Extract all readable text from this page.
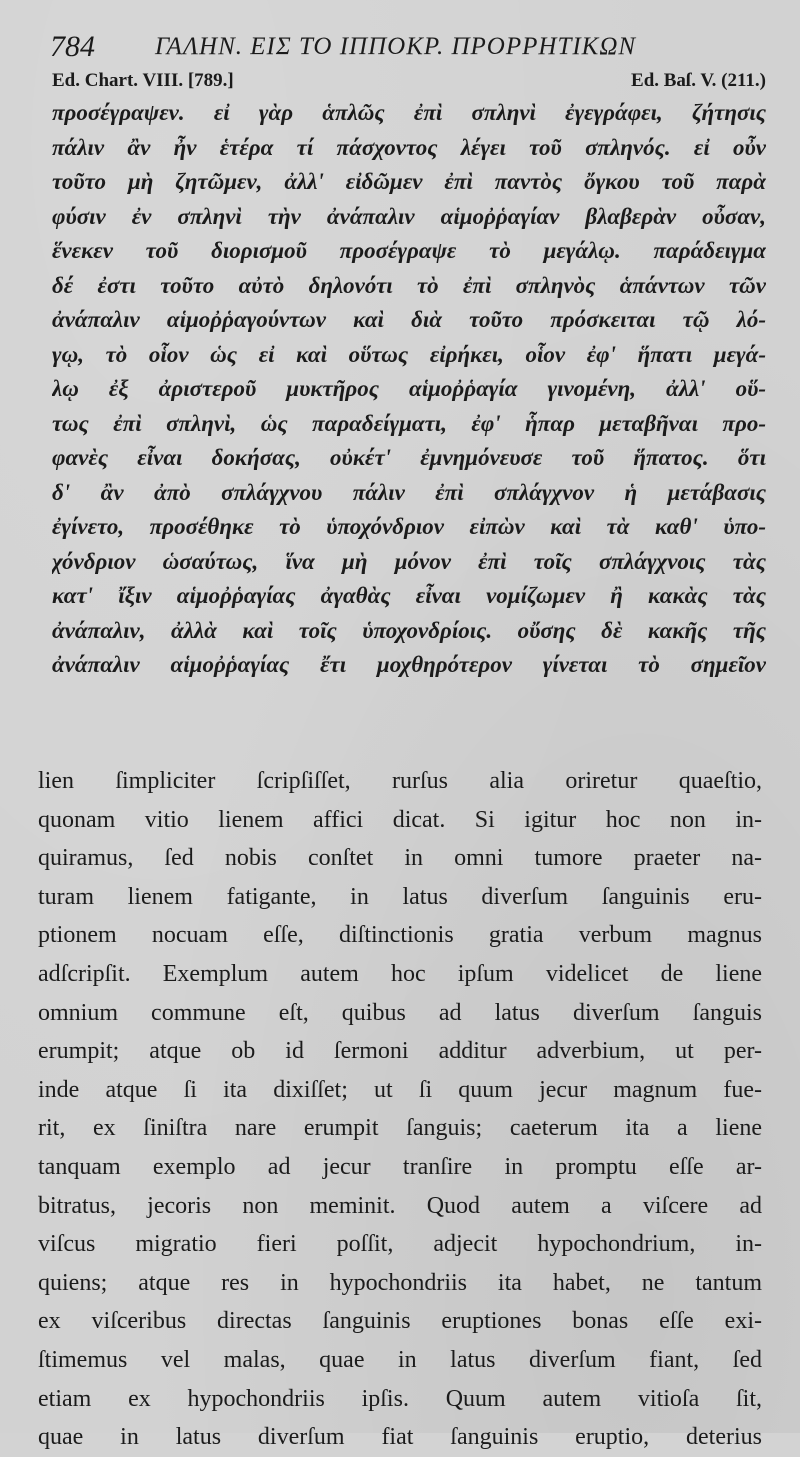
784 ΓΑΛΗΝ. ΕΙΣ ΤΟ ΙΠΠΟΚΡ. ΠΡΟΡΡΗΤΙΚΩΝ
Ed. Chart. VIII. [789.]	Ed. Baſ. V. (211.)
προσέγραψεν. εἰ γὰρ ἁπλῶς ἐπὶ σπληνὶ ἐγεγράφει, ζήτησις
πάλιν ἂν ἦν ἑτέρα τί πάσχοντος λέγει τοῦ σπληνός. εἰ οὖν
τοῦτο μὴ ζητῶμεν, ἀλλ' εἰδῶμεν ἐπὶ παντὸς ὄγκου τοῦ παρὰ
φύσιν ἐν σπληνὶ τὴν ἀνάπαλιν αἱμοῤῥαγίαν βλαβερὰν οὖσαν,
ἕνεκεν τοῦ διορισμοῦ προσέγραψε τὸ μεγάλῳ. παράδειγμα
δέ ἐστι τοῦτο αὐτὸ δηλονότι τὸ ἐπὶ σπληνὸς ἁπάντων τῶν
ἀνάπαλιν αἱμοῤῥαγούντων καὶ διὰ τοῦτο πρόσκειται τῷ λό-
γῳ, τὸ οἷον ὡς εἰ καὶ οὕτως εἰρήκει, οἷον ἐφ' ἥπατι μεγά-
λῳ ἐξ ἀριστεροῦ μυκτῆρος αἱμοῤῥαγία γινομένη, ἀλλ' οὕ-
τως ἐπὶ σπληνὶ, ὡς παραδείγματι, ἐφ' ἧπαρ μεταβῆναι προ-
φανὲς εἶναι δοκήσας, οὐκέτ' ἐμνημόνευσε τοῦ ἥπατος. ὅτι
δ' ἂν ἀπὸ σπλάγχνου πάλιν ἐπὶ σπλάγχνον ἡ μετάβασις
ἐγίνετο, προσέθηκε τὸ ὑποχόνδριον εἰπὼν καὶ τὰ καθ' ὑπο-
χόνδριον ὡσαύτως, ἵνα μὴ μόνον ἐπὶ τοῖς σπλάγχνοις τὰς
κατ' ἴξιν αἱμοῤῥαγίας ἀγαθὰς εἶναι νομίζωμεν ἢ κακὰς τὰς
ἀνάπαλιν, ἀλλὰ καὶ τοῖς ὑποχονδρίοις. οὔσης δὲ κακῆς τῆς
ἀνάπαλιν αἱμοῤῥαγίας ἔτι μοχθηρότερον γίνεται τὸ σημεῖον
lien ſimpliciter ſcripſiſſet, rurſus alia oriretur quaeſtio,
quonam vitio lienem affici dicat. Si igitur hoc non in-
quiramus, ſed nobis conſtet in omni tumore praeter na-
turam lienem fatigante, in latus diverſum ſanguinis eru-
ptionem nocuam eſſe, diſtinctionis gratia verbum magnus
adſcripſit. Exemplum autem hoc ipſum videlicet de liene
omnium commune eſt, quibus ad latus diverſum ſanguis
erumpit; atque ob id ſermoni additur adverbium, ut per-
inde atque ſi ita dixiſſet; ut ſi quum jecur magnum fue-
rit, ex ſiniſtra nare erumpit ſanguis; caeterum ita a liene
tanquam exemplo ad jecur tranſire in promptu eſſe ar-
bitratus, jecoris non meminit. Quod autem a viſcere ad
viſcus migratio fieri poſſit, adjecit hypochondrium, in-
quiens; atque res in hypochondriis ita habet, ne tantum
ex viſceribus directas ſanguinis eruptiones bonas eſſe exi-
ſtimemus vel malas, quae in latus diverſum fiant, ſed
etiam ex hypochondriis ipſis. Quum autem vitioſa ſit,
quae in latus diverſum fiat ſanguinis eruptio, deterius
